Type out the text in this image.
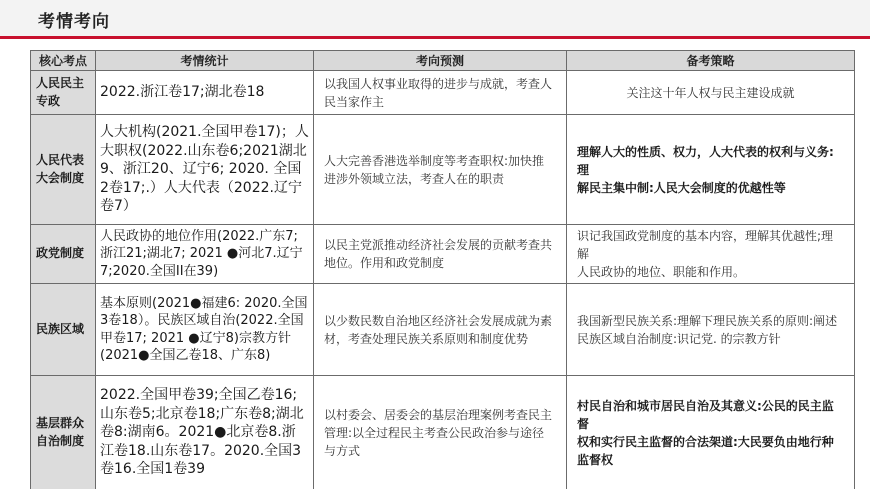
考情考向
核心考点	考情统计	考向预测	备考策略
人民民主专政	2022.浙江卷17;湖北卷18	以我国人权事业取得的进步与成就，考查人民当家作主	关注这十年人权与民主建设成就
人民代表大会制度	人大机构(2021.全国甲卷17)；人大职权(2022.山东卷6;2021湖北9、浙江20、辽宁6; 2020. 全国2卷17;.）人大代表（2022.辽宁卷7）	人大完善香港选举制度等考查职权:加快推进涉外领域立法，考查人在的职责	理解人大的性质、权力，人大代表的权利与义务:理
解民主集中制:人民大会制度的优越性等
政党制度	人民政协的地位作用(2022.广东7; 浙江21;湖北7; 2021 ●河北7.辽宁7;2020.全国II在39)	以民主党派推动经济社会发展的贡献考查共地位。作用和政党制度	识记我国政党制度的基本内容，理解其优越性;理解
人民政协的地位、职能和作用。
民族区域	基本原则(2021●福建6: 2020.全国3卷18）。民族区域自治(2022.全国甲卷17; 2021 ●辽宁8)宗教方针(2021●全国乙卷18、广东8)	以少数民数自治地区经济社会发展成就为素材，考查处理民族关系原则和制度优势	我国新型民族关系:理解下理民族关系的原则:阐述
民族区域自治制度:识记党. 的宗教方针
基层群众自治制度	2022.全国甲卷39;全国乙卷16; 山东卷5;北京卷18;广东卷8;湖北卷8:湖南6。2021●北京卷8.浙江卷18.山东卷17。2020.全国3卷16.全国1卷39	以村委会、居委会的基层治理案例考查民主管理:以全过程民主考查公民政治参与途径与方式	村民自治和城市居民自治及其意义:公民的民主监督
权和实行民主监督的合法架道:大民要负由地行种
监督权
